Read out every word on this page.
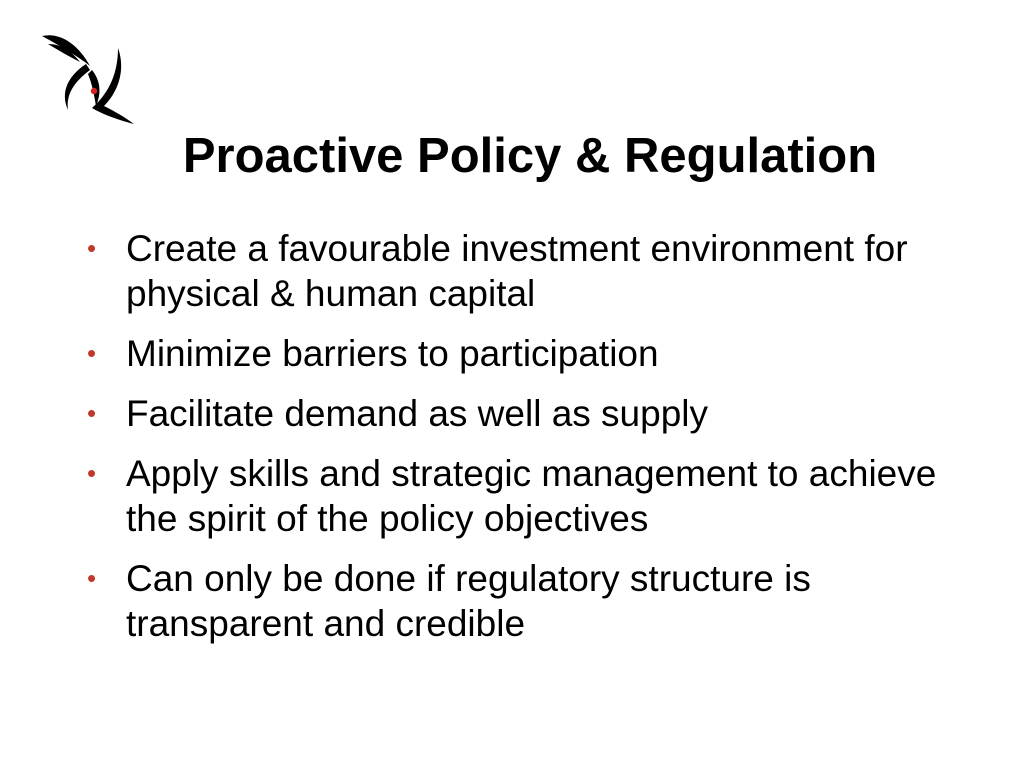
Proactive Policy & Regulation
• Create a favourable investment environment for physical & human capital
• Minimize barriers to participation
• Facilitate demand as well as supply
• Apply skills and strategic management to achieve the spirit of the policy objectives
• Can only be done if regulatory structure is transparent and credible
